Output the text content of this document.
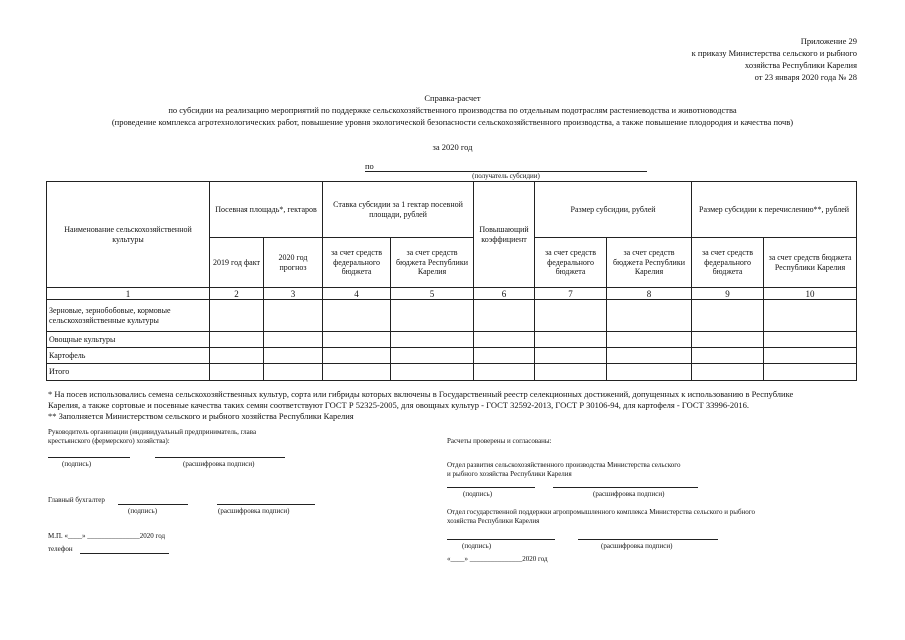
Приложение 29
к приказу Министерства сельского и рыбного
хозяйства Республики Карелия
от 23 января 2020 года № 28
Справка-расчет
по субсидии на реализацию мероприятий по поддержке сельскохозяйственного производства по отдельным подотраслям растениеводства и животноводства
(проведение комплекса агротехнологических работ, повышение уровня экологической безопасности сельскохозяйственного производства, а также повышение плодородия и качества почв)
за 2020 год
по
(получатель субсидии)
Наименование сельскохозяйственной культуры	Посевная площадь*, гектаров		Ставка субсидии за 1 гектар посевной площади, рублей		Повышающий коэффициент	Размер субсидии, рублей		Размер субсидии к перечислению**, рублей	
	2019 год факт	2020 год прогноз	за счет средств федерального бюджета	за счет средств бюджета Республики Карелия		за счет средств федерального бюджета	за счет средств бюджета Республики Карелия	за счет средств федерального бюджета	за счет средств бюджета Республики Карелия
1	2	3	4	5	6	7	8	9	10
Зерновые, зернобобовые, кормовые сельскохозяйственные культуры									
Овощные культуры									
Картофель									
Итого									
* На посев использовались семена сельскохозяйственных культур, сорта или гибриды которых включены в Государственный реестр селекционных достижений, допущенных к использованию в Республике
Карелия, а также сортовые и посевные качества таких семян соответствуют ГОСТ Р 52325-2005, для овощных культур - ГОСТ 32592-2013, ГОСТ Р 30106-94, для картофеля - ГОСТ 33996-2016.
** Заполняется Министерством сельского и рыбного хозяйства Республики Карелия
Руководитель организации (индивидуальный предприниматель, глава
крестьянского (фермерского) хозяйства):
(подпись)	(расшифровка подписи)
Главный бухгалтер
(подпись)	(расшифровка подписи)
М.П. «____» _______________2020 год
телефон
Расчеты проверены и согласованы:
Отдел развития сельскохозяйственного производства Министерства сельского
и рыбного хозяйства Республики Карелия
(подпись)	(расшифровка подписи)
Отдел государственной поддержки агропромышленного комплекса Министерства сельского и рыбного
хозяйства Республики Карелия
(подпись)	(расшифровка подписи)
«____» _______________2020 год
